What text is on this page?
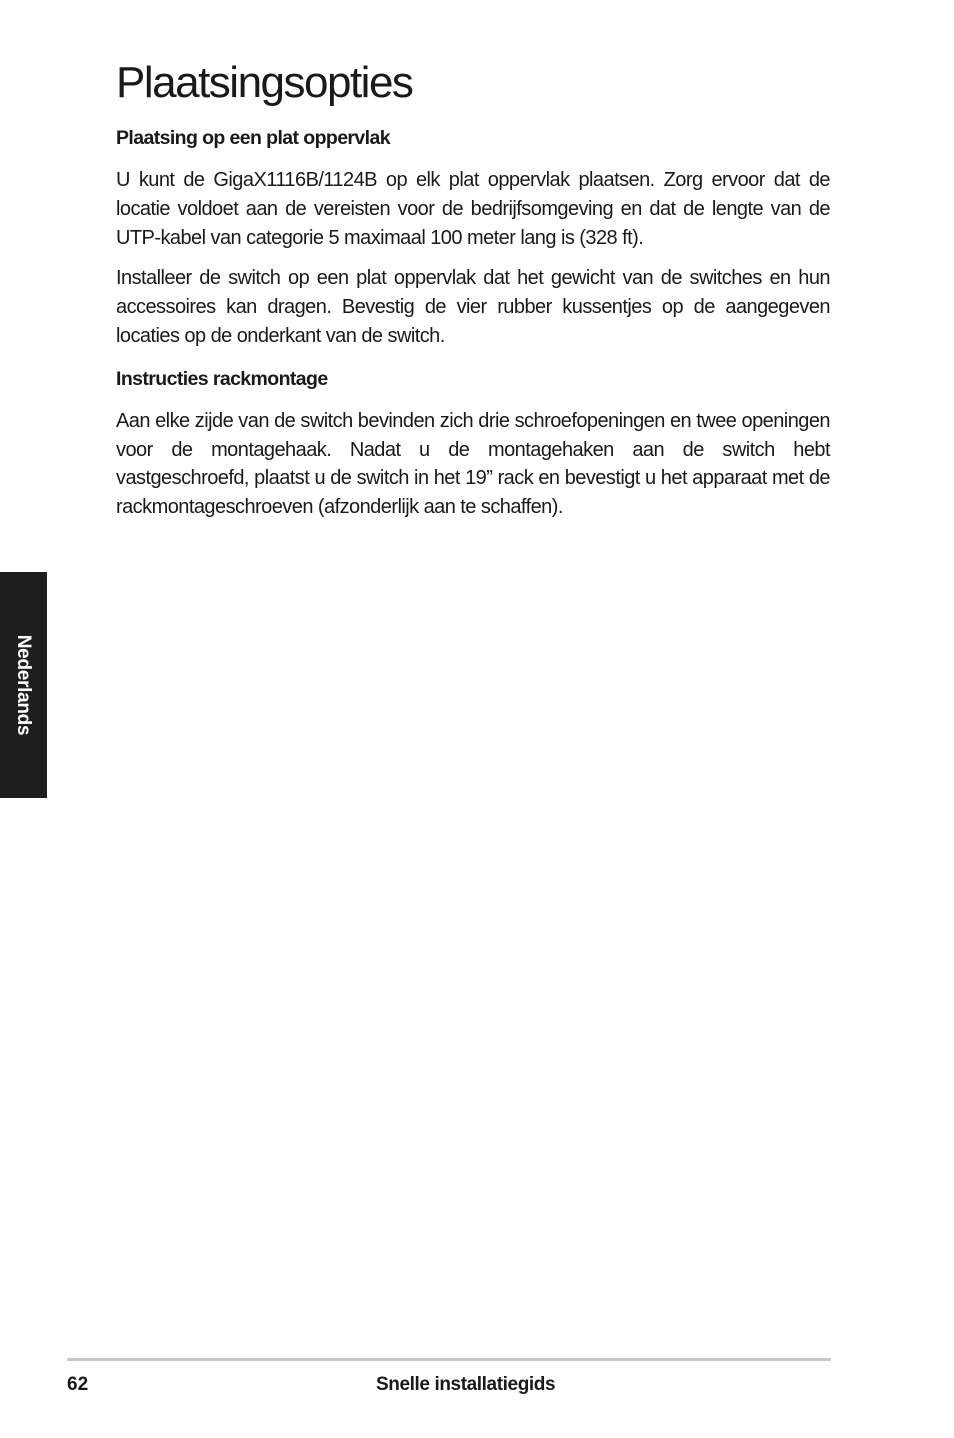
Plaatsingsopties
Plaatsing op een plat oppervlak

U kunt de GigaX1116B/1124B op elk plat oppervlak plaatsen. Zorg ervoor dat de locatie voldoet aan de vereisten voor de bedrijfsomgeving en dat de lengte van de UTP-kabel van categorie 5 maximaal 100 meter lang is (328 ft).

Installeer de switch op een plat oppervlak dat het gewicht van de switches en hun accessoires kan dragen. Bevestig de vier rubber kussentjes op de aangegeven locaties op de onderkant van de switch.

Instructies rackmontage

Aan elke zijde van de switch bevinden zich drie schroefopeningen en twee openingen voor de montagehaak. Nadat u de montagehaken aan de switch hebt vastgeschroefd, plaatst u de switch in het 19” rack en bevestigt u het apparaat met de rackmontageschroeven (afzonderlijk aan te schaffen).

Nederlands
62	Snelle installatiegids
